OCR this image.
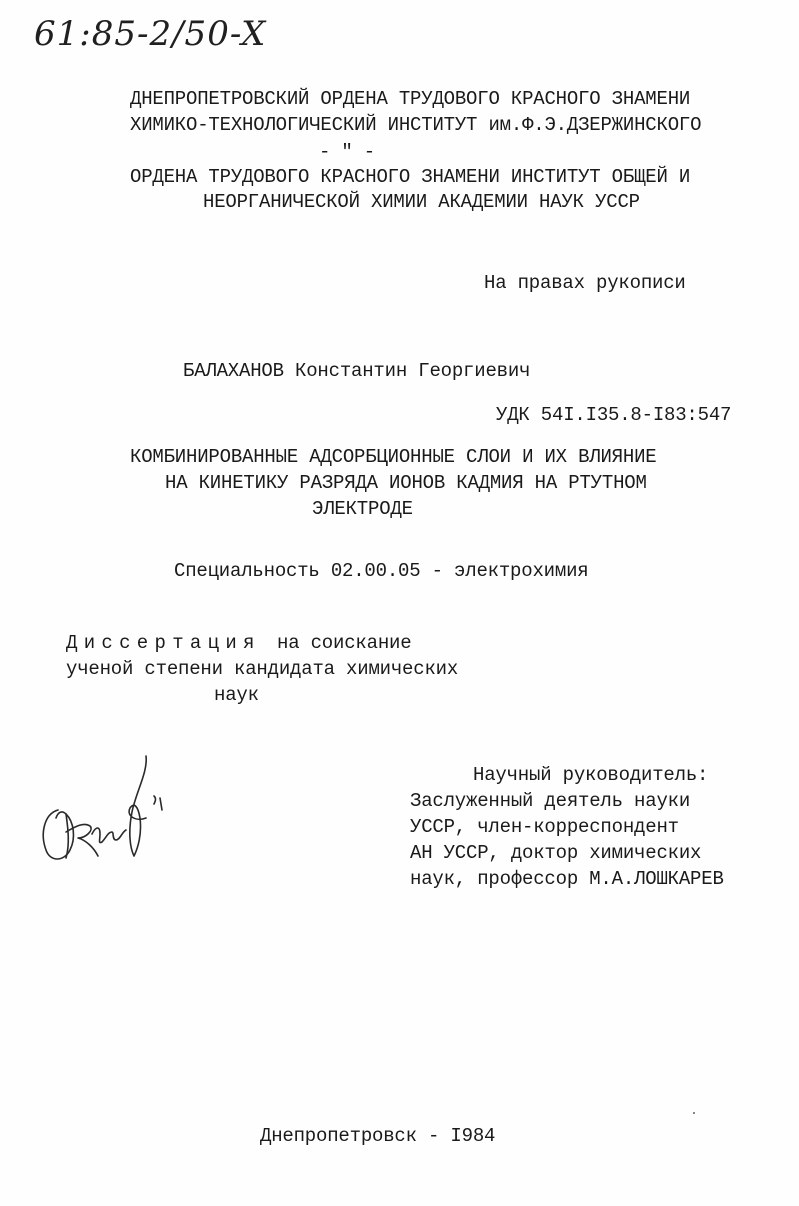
61:85-2/50-X
ДНЕПРОПЕТРОВСКИЙ ОРДЕНА ТРУДОВОГО КРАСНОГО ЗНАМЕНИ
ХИМИКО-ТЕХНОЛОГИЧЕСКИЙ ИНСТИТУТ им.Ф.Э.ДЗЕРЖИНСКОГО
- " -
ОРДЕНА ТРУДОВОГО КРАСНОГО ЗНАМЕНИ ИНСТИТУТ ОБЩЕЙ И
НЕОРГАНИЧЕСКОЙ ХИМИИ АКАДЕМИИ НАУК УССР
На правах рукописи
БАЛАХАНОВ Константин Георгиевич
УДК 54I.I35.8-I83:547
КОМБИНИРОВАННЫЕ АДСОРБЦИОННЫЕ СЛОИ И ИХ ВЛИЯНИЕ
НА КИНЕТИКУ РАЗРЯДА ИОНОВ КАДМИЯ НА РТУТНОМ
ЭЛЕКТРОДЕ
Специальность 02.00.05 - электрохимия
Диссертация на соискание
ученой степени кандидата химических
наук
Научный руководитель:
Заслуженный деятель науки
УССР, член-корреспондент
АН УССР, доктор химических
наук, профессор М.А.ЛОШКАРЕВ
Днепропетровск - I984
